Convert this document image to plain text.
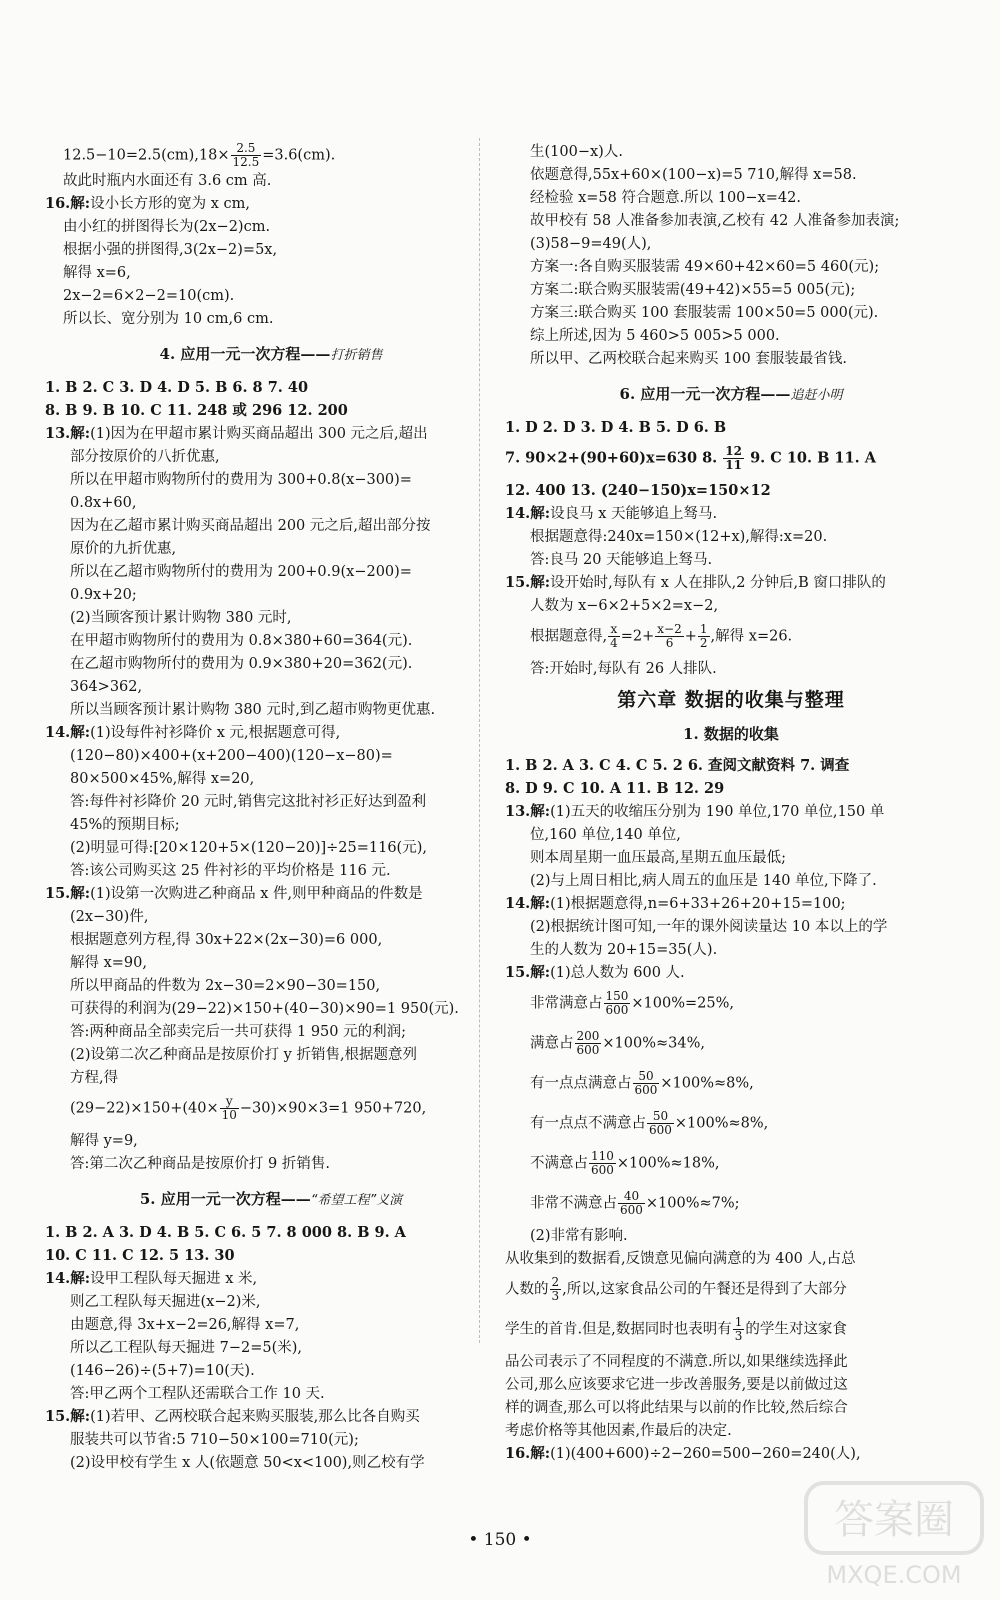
$12.5-10=2.5(cm),18\times \frac{2.5}{12.5} =3.6(cm)$.
故此时瓶内水面还有 3.6 cm 高.
16.解:设小长方形的宽为 x cm,
由小红的拼图得长为(2x−2)cm.
根据小强的拼图得,3(2x−2)=5x,
解得 x=6,
2x−2=6×2−2=10(cm).
所以长、宽分别为 10 cm,6 cm.
4. 应用一元一次方程——打折销售
1. B 2. C 3. D 4. D 5. B 6. 8 7. 40
8. B 9. B 10. C 11. 248 或 296 12. 200
13.解:(1)因为在甲超市累计购买商品超出 300 元之后,超出
部分按原价的八折优惠,
所以在甲超市购物所付的费用为 300+0.8(x−300)=
0.8x+60,
因为在乙超市累计购买商品超出 200 元之后,超出部分按
原价的九折优惠,
所以在乙超市购物所付的费用为 200+0.9(x−200)=
0.9x+20;
(2)当顾客预计累计购物 380 元时,
在甲超市购物所付的费用为 0.8×380+60=364(元).
在乙超市购物所付的费用为 0.9×380+20=362(元).
364>362,
所以当顾客预计累计购物 380 元时,到乙超市购物更优惠.
14.解:(1)设每件衬衫降价 x 元,根据题意可得,
(120−80)×400+(x+200−400)(120−x−80)=
80×500×45%,解得 x=20,
答:每件衬衫降价 20 元时,销售完这批衬衫正好达到盈利
45%的预期目标;
(2)明显可得:[20×120+5×(120−20)]÷25=116(元),
答:该公司购买这 25 件衬衫的平均价格是 116 元.
15.解:(1)设第一次购进乙种商品 x 件,则甲种商品的件数是
(2x−30)件,
根据题意列方程,得 30x+22×(2x−30)=6 000,
解得 x=90,
所以甲商品的件数为 2x−30=2×90−30=150,
可获得的利润为(29−22)×150+(40−30)×90=1 950(元).
答:两种商品全部卖完后一共可获得 1 950 元的利润;
(2)设第二次乙种商品是按原价打 y 折销售,根据题意列
方程,得
$(29-22)\times 150+(40\times \frac{y}{10} -30)\times 90\times 3=1$ 950+720,
解得 y=9,
答:第二次乙种商品是按原价打 9 折销售.
5. 应用一元一次方程——“希望工程”义演
1. B 2. A 3. D 4. B 5. C 6. 5 7. 8 000 8. B 9. A
10. C 11. C 12. 5 13. 30
14.解:设甲工程队每天掘进 x 米,
则乙工程队每天掘进(x−2)米,
由题意,得 3x+x−2=26,解得 x=7,
所以乙工程队每天掘进 7−2=5(米),
(146−26)÷(5+7)=10(天).
答:甲乙两个工程队还需联合工作 10 天.
15.解:(1)若甲、乙两校联合起来购买服装,那么比各自购买
服装共可以节省:5 710−50×100=710(元);
(2)设甲校有学生 x 人(依题意 50<x<100),则乙校有学
生(100−x)人.
依题意得,55x+60×(100−x)=5 710,解得 x=58.
经检验 x=58 符合题意.所以 100−x=42.
故甲校有 58 人准备参加表演,乙校有 42 人准备参加表演;
(3)58−9=49(人),
方案一:各自购买服装需 49×60+42×60=5 460(元);
方案二:联合购买服装需(49+42)×55=5 005(元);
方案三:联合购买 100 套服装需 100×50=5 000(元).
综上所述,因为 5 460>5 005>5 000.
所以甲、乙两校联合起来购买 100 套服装最省钱.
6. 应用一元一次方程——追赶小明
1. D 2. D 3. D 4. B 5. D 6. B
7. 90×2+(90+60)x=630 8. $\frac{12}{11} 9$. C 10. B 11. A
12. 400 13. (240−150)x=150×12
14.解:设良马 x 天能够追上驽马.
根据题意得:240x=150×(12+x),解得:x=20.
答:良马 20 天能够追上驽马.
15.解:设开始时,每队有 x 人在排队,2 分钟后,B 窗口排队的
人数为 x−6×2+5×2=x−2,
根据题意得, $\frac{x}{4} =2+ \frac{x-2}{6} + \frac{1}{2}$ ,解得 x=26.
答:开始时,每队有 26 人排队.
第六章 数据的收集与整理
1. 数据的收集
1. B 2. A 3. C 4. C 5. 2 6. 查阅文献资料 7. 调查
8. D 9. C 10. A 11. B 12. 29
13.解:(1)五天的收缩压分别为 190 单位,170 单位,150 单
位,160 单位,140 单位,
则本周星期一血压最高,星期五血压最低;
(2)与上周日相比,病人周五的血压是 140 单位,下降了.
14.解:(1)根据题意得,n=6+33+26+20+15=100;
(2)根据统计图可知,一年的课外阅读量达 10 本以上的学
生的人数为 20+15=35(人).
15.解:(1)总人数为 600 人.
非常满意占 $\frac{150}{600} \times 100\%=25\%$,
满意占 $\frac{200}{600} \times 100\%\approx 34\%$,
有一点点满意占 $\frac{50}{600} \times 100\%\approx 8\%$,
有一点点不满意占 $\frac{50}{600} \times 100\%\approx 8\%$,
不满意占 $\frac{110}{600} \times 100\%\approx 18\%$,
非常不满意占 $\frac{40}{600} \times 100\%\approx 7\%$;
(2)非常有影响.
从收集到的数据看,反馈意见偏向满意的为 400 人,占总
人数的 $\frac{2}{3}$ ,所以,这家食品公司的午餐还是得到了大部分
学生的首肯.但是,数据同时也表明有 $\frac{1}{3}$ 的学生对这家食
品公司表示了不同程度的不满意.所以,如果继续选择此
公司,那么应该要求它进一步改善服务,要是以前做过这
样的调查,那么可以将此结果与以前的作比较,然后综合
考虑价格等其他因素,作最后的决定.
16.解:(1)(400+600)÷2−260=500−260=240(人),
• 150 •	答案圈
MXQE.COM
